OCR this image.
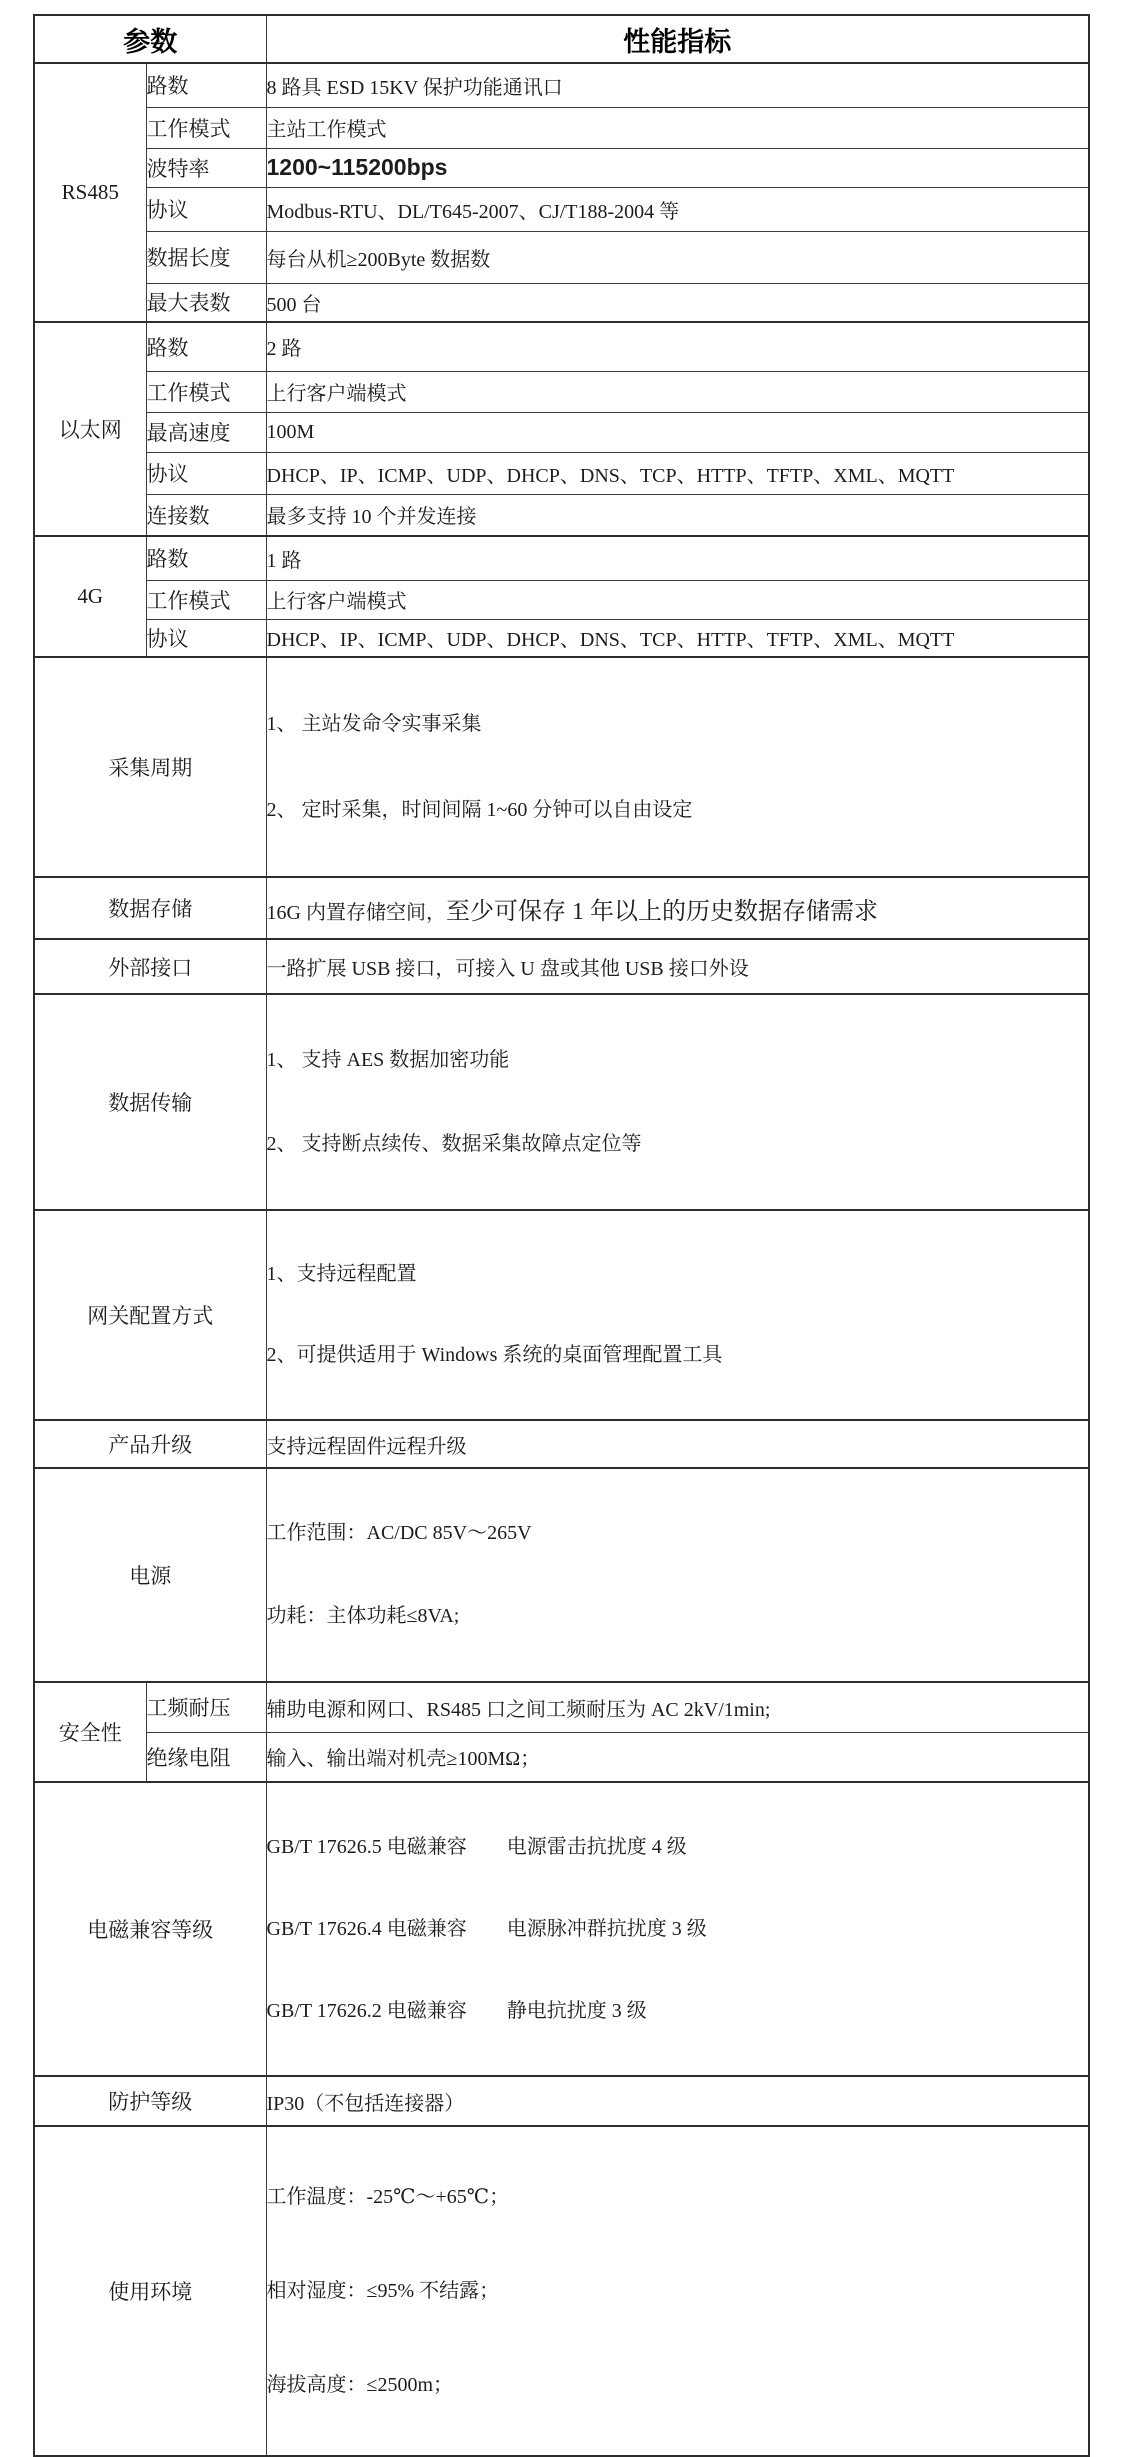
参数		性能指标
RS485	路数	8 路具 ESD 15KV 保护功能通讯口
	工作模式	主站工作模式
	波特率	1200~115200bps
	协议	Modbus-RTU、DL/T645-2007、CJ/T188-2004 等
	数据长度	每台从机≥200Byte 数据数
	最大表数	500 台
以太网	路数	2 路
	工作模式	上行客户端模式
	最高速度	100M
	协议	DHCP、IP、ICMP、UDP、DHCP、DNS、TCP、HTTP、TFTP、XML、MQTT
	连接数	最多支持 10 个并发连接
4G	路数	1 路
	工作模式	上行客户端模式
	协议	DHCP、IP、ICMP、UDP、DHCP、DNS、TCP、HTTP、TFTP、XML、MQTT
采集周期		1、 主站发命令实事采集

2、 定时采集，时间间隔 1~60 分钟可以自由设定

数据存储		16G 内置存储空间，至少可保存 1 年以上的历史数据存储需求
外部接口		一路扩展 USB 接口，可接入 U 盘或其他 USB 接口外设
数据传输		1、 支持 AES 数据加密功能

2、 支持断点续传、数据采集故障点定位等

网关配置方式		1、支持远程配置

2、可提供适用于 Windows 系统的桌面管理配置工具

产品升级		支持远程固件远程升级
电源		工作范围：AC/DC 85V～265V

功耗：主体功耗≤8VA;

安全性	工频耐压	辅助电源和网口、RS485 口之间工频耐压为 AC 2kV/1min;
	绝缘电阻	输入、输出端对机壳≥100MΩ；
电磁兼容等级		GB/T 17626.5 电磁兼容　　电源雷击抗扰度 4 级

GB/T 17626.4 电磁兼容　　电源脉冲群抗扰度 3 级

GB/T 17626.2 电磁兼容　　静电抗扰度 3 级

防护等级		IP30（不包括连接器）
使用环境		工作温度：-25℃～+65℃；

相对湿度：≤95% 不结露；

海拔高度：≤2500m；
